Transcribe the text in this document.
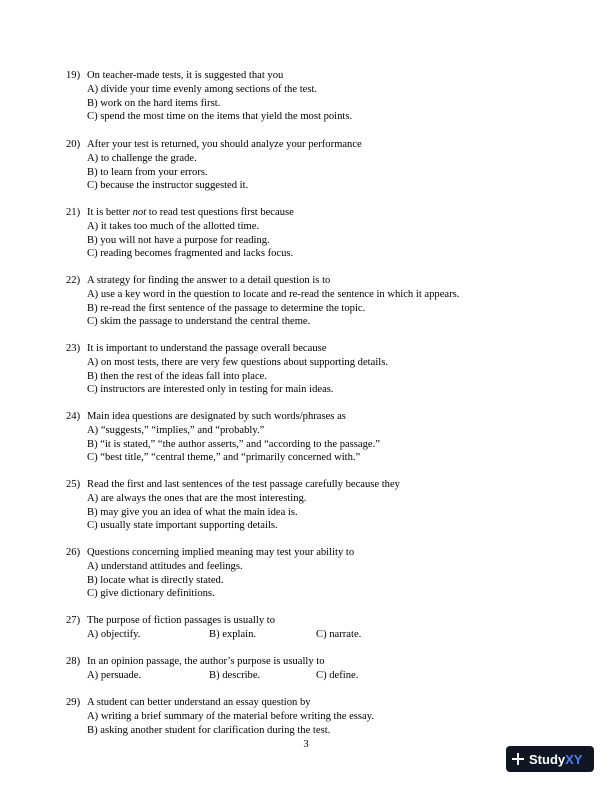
19) On teacher-made tests, it is suggested that you
A) divide your time evenly among sections of the test.
B) work on the hard items first.
C) spend the most time on the items that yield the most points.
20) After your test is returned, you should analyze your performance
A) to challenge the grade.
B) to learn from your errors.
C) because the instructor suggested it.
21) It is better not to read test questions first because
A) it takes too much of the allotted time.
B) you will not have a purpose for reading.
C) reading becomes fragmented and lacks focus.
22) A strategy for finding the answer to a detail question is to
A) use a key word in the question to locate and re-read the sentence in which it appears.
B) re-read the first sentence of the passage to determine the topic.
C) skim the passage to understand the central theme.
23) It is important to understand the passage overall because
A) on most tests, there are very few questions about supporting details.
B) then the rest of the ideas fall into place.
C) instructors are interested only in testing for main ideas.
24) Main idea questions are designated by such words/phrases as
A) “suggests,” “implies,” and “probably.”
B) “it is stated,” “the author asserts,” and “according to the passage.”
C) “best title,” “central theme,” and “primarily concerned with.”
25) Read the first and last sentences of the test passage carefully because they
A) are always the ones that are the most interesting.
B) may give you an idea of what the main idea is.
C) usually state important supporting details.
26) Questions concerning implied meaning may test your ability to
A) understand attitudes and feelings.
B) locate what is directly stated.
C) give dictionary definitions.
27) The purpose of fiction passages is usually to
A) objectify.	B) explain.	C) narrate.
28) In an opinion passage, the author’s purpose is usually to
A) persuade.	B) describe.	C) define.
29) A student can better understand an essay question by
A) writing a brief summary of the material before writing the essay.
B) asking another student for clarification during the test.
3
Study XY
